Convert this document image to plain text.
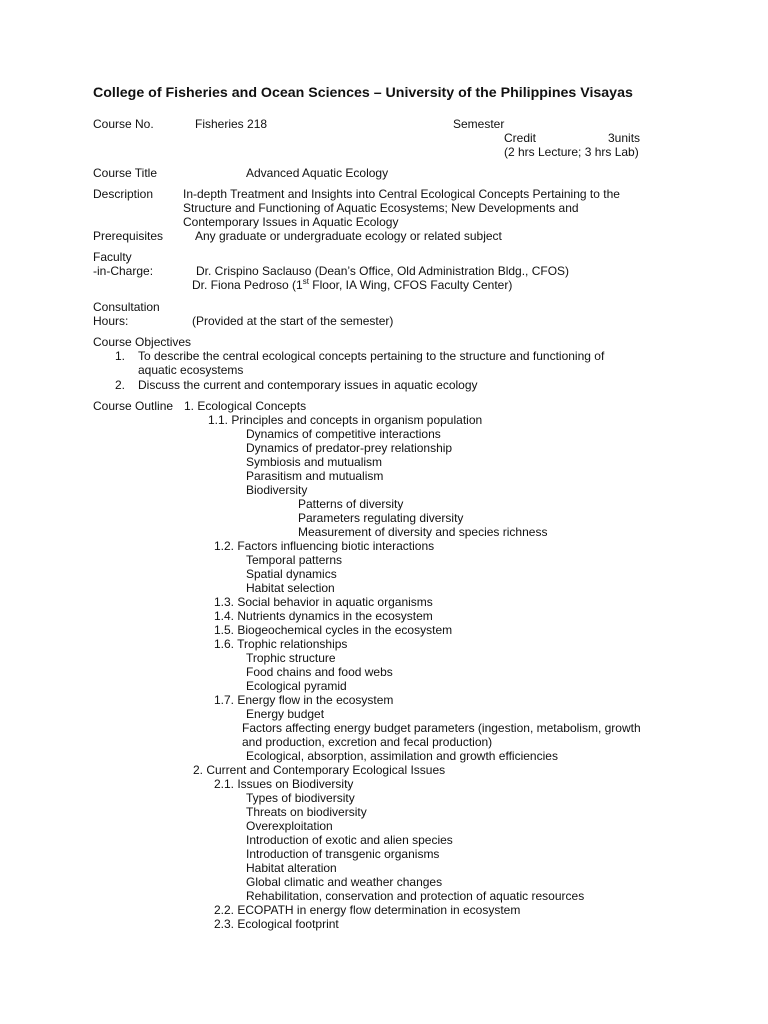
College of Fisheries and Ocean Sciences – University of the Philippines Visayas
Course No.	Fisheries 218	Semester
Credit	3units
(2 hrs Lecture; 3 hrs Lab)
Course Title	Advanced Aquatic Ecology
Description In-depth Treatment and Insights into Central Ecological Concepts Pertaining to the
Structure and Functioning of Aquatic Ecosystems; New Developments and
Contemporary Issues in Aquatic Ecology
Prerequisites	Any graduate or undergraduate ecology or related subject
Faculty
-in-Charge:	Dr. Crispino Saclauso (Dean’s Office, Old Administration Bldg., CFOS)
Dr. Fiona Pedroso (1st Floor, IA Wing, CFOS Faculty Center)
Consultation
Hours:	(Provided at the start of the semester)
Course Objectives
1. To describe the central ecological concepts pertaining to the structure and functioning of
aquatic ecosystems
2. Discuss the current and contemporary issues in aquatic ecology
Course Outline 1. Ecological Concepts
1.1. Principles and concepts in organism population
Dynamics of competitive interactions
Dynamics of predator-prey relationship
Symbiosis and mutualism
Parasitism and mutualism
Biodiversity
Patterns of diversity
Parameters regulating diversity
Measurement of diversity and species richness
1.2. Factors influencing biotic interactions
Temporal patterns
Spatial dynamics
Habitat selection
1.3. Social behavior in aquatic organisms
1.4. Nutrients dynamics in the ecosystem
1.5. Biogeochemical cycles in the ecosystem
1.6. Trophic relationships
Trophic structure
Food chains and food webs
Ecological pyramid
1.7. Energy flow in the ecosystem
Energy budget
Factors affecting energy budget parameters (ingestion, metabolism, growth
and production, excretion and fecal production)
Ecological, absorption, assimilation and growth efficiencies
2. Current and Contemporary Ecological Issues
2.1. Issues on Biodiversity
Types of biodiversity
Threats on biodiversity
Overexploitation
Introduction of exotic and alien species
Introduction of transgenic organisms
Habitat alteration
Global climatic and weather changes
Rehabilitation, conservation and protection of aquatic resources
2.2. ECOPATH in energy flow determination in ecosystem
2.3. Ecological footprint
